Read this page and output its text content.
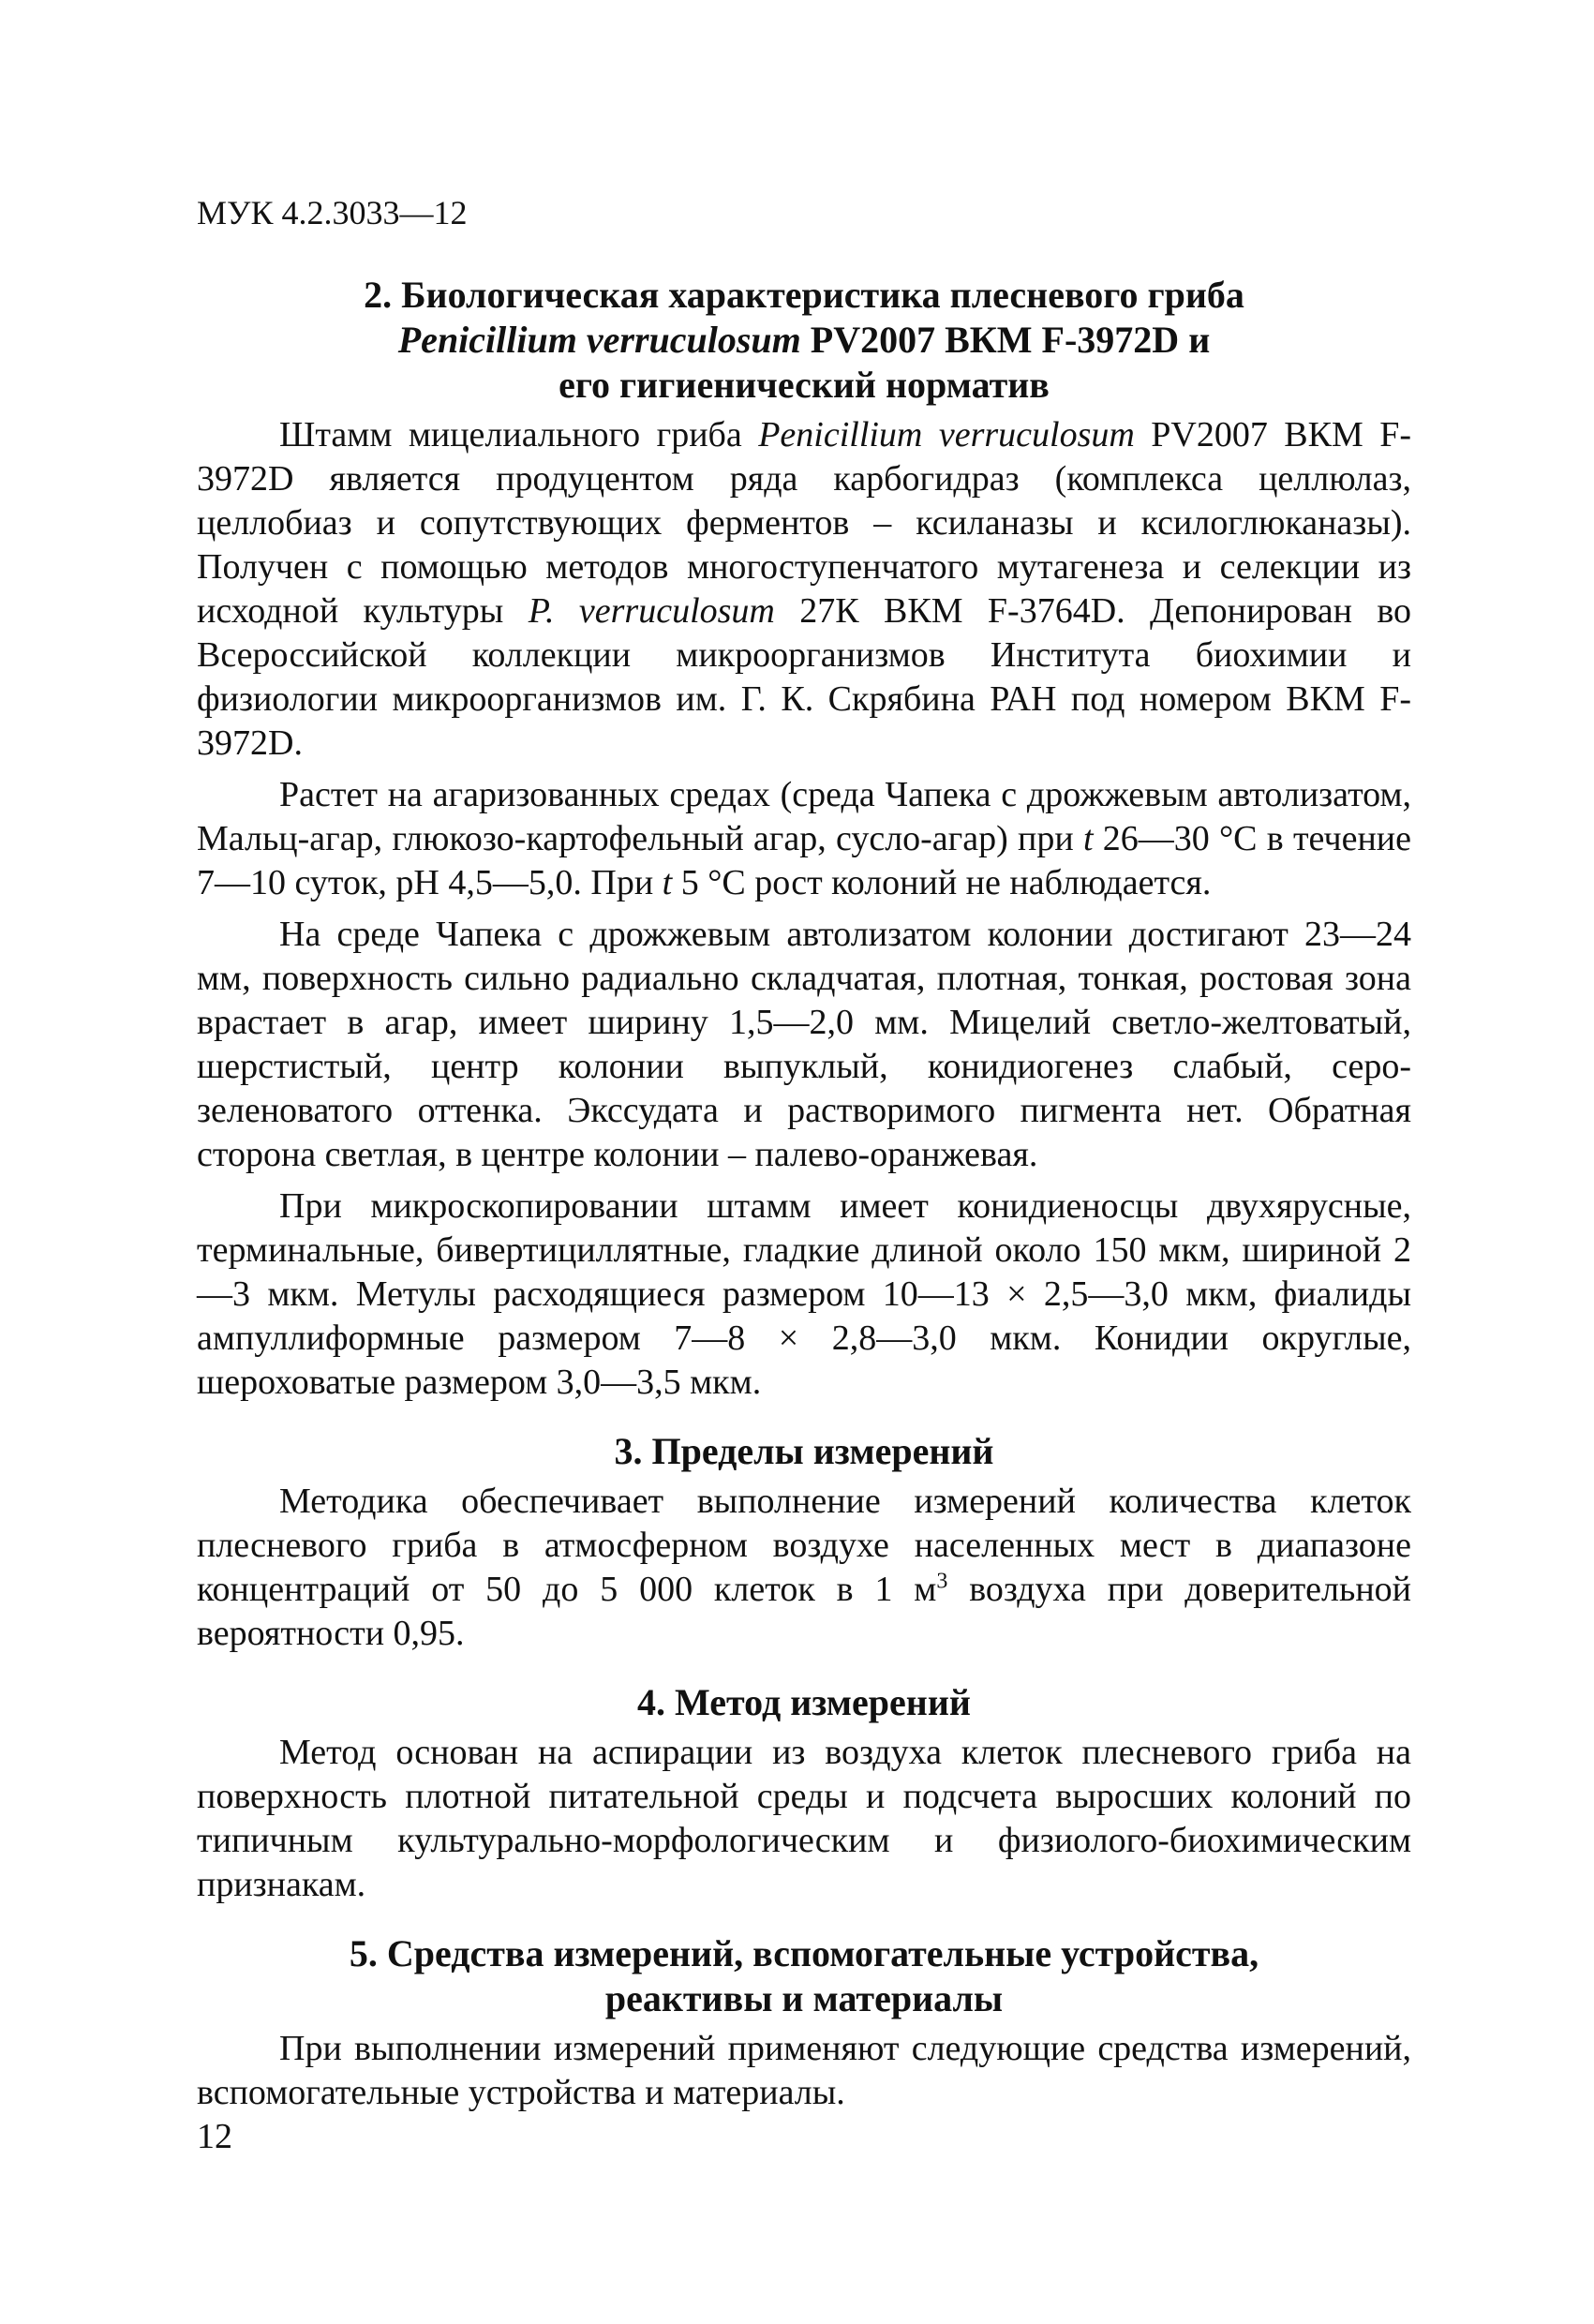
МУК 4.2.3033—12
2. Биологическая характеристика плесневого гриба
Penicillium verruculosum PV2007 ВКМ F-3972D и
его гигиенический норматив

Штамм мицелиального гриба Penicillium verruculosum PV2007 ВКМ F-3972D является продуцентом ряда карбогидраз (комплекса целлюлаз, целлобиаз и сопутствующих ферментов – ксиланазы и ксилоглюканазы). Получен с помощью методов многоступенчатого мутагенеза и селекции из исходной культуры P. verruculosum 27К ВКМ F-3764D. Депонирован во Всероссийской коллекции микроорганизмов Института биохимии и физиологии микроорганизмов им. Г. К. Скрябина РАН под номером ВКМ F-3972D.

Растет на агаризованных средах (среда Чапека с дрожжевым автолизатом, Мальц-агар, глюкозо-картофельный агар, сусло-агар) при t 26—30 °С в течение 7—10 суток, рН 4,5—5,0. При t 5 °С рост колоний не наблюдается.

На среде Чапека с дрожжевым автолизатом колонии достигают 23—24 мм, поверхность сильно радиально складчатая, плотная, тонкая, ростовая зона врастает в агар, имеет ширину 1,5—2,0 мм. Мицелий светло-желтоватый, шерстистый, центр колонии выпуклый, конидиогенез слабый, серо-зеленоватого оттенка. Экссудата и растворимого пигмента нет. Обратная сторона светлая, в центре колонии – палево-оранжевая.

При микроскопировании штамм имеет конидиеносцы двухярусные, терминальные, бивертициллятные, гладкие длиной около 150 мкм, шириной 2—3 мкм. Метулы расходящиеся размером 10—13 × 2,5—3,0 мкм, фиалиды ампуллиформные размером 7—8 × 2,8—3,0 мкм. Конидии округлые, шероховатые размером 3,0—3,5 мкм.

3. Пределы измерений

Методика обеспечивает выполнение измерений количества клеток плесневого гриба в атмосферном воздухе населенных мест в диапазоне концентраций от 50 до 5 000 клеток в 1 $м^3$ воздуха при доверительной вероятности 0,95.

4. Метод измерений

Метод основан на аспирации из воздуха клеток плесневого гриба на поверхность плотной питательной среды и подсчета выросших колоний по типичным культурально-морфологическим и физиолого-биохимическим признакам.

5. Средства измерений, вспомогательные устройства,
реактивы и материалы

При выполнении измерений применяют следующие средства измерений, вспомогательные устройства и материалы.

12
